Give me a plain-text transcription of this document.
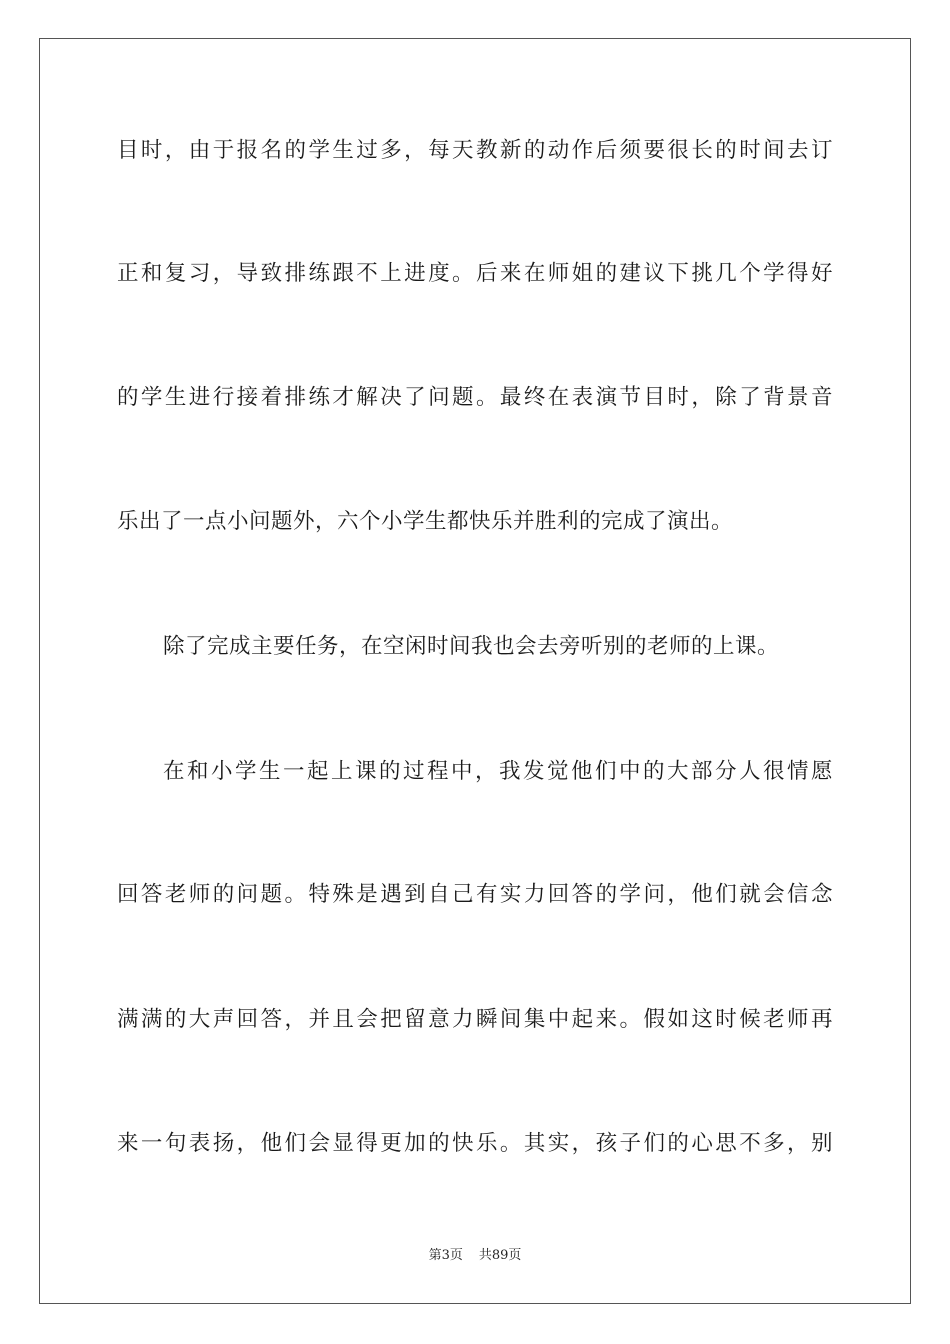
目时，由于报名的学生过多，每天教新的动作后须要很长的时间去订
正和复习，导致排练跟不上进度。后来在师姐的建议下挑几个学得好
的学生进行接着排练才解决了问题。最终在表演节目时，除了背景音
乐出了一点小问题外，六个小学生都快乐并胜利的完成了演出。
除了完成主要任务，在空闲时间我也会去旁听别的老师的上课。
在和小学生一起上课的过程中，我发觉他们中的大部分人很情愿
回答老师的问题。特殊是遇到自己有实力回答的学问，他们就会信念
满满的大声回答，并且会把留意力瞬间集中起来。假如这时候老师再
来一句表扬，他们会显得更加的快乐。其实，孩子们的心思不多，别
第3页 共89页
